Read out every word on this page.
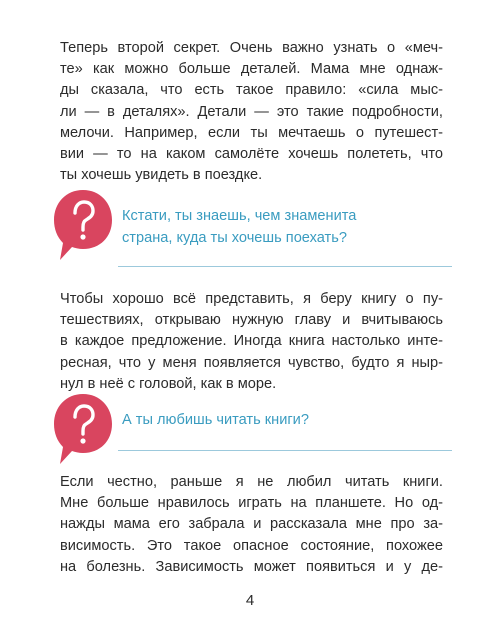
Теперь второй секрет. Очень важно узнать о «меч-
те» как можно больше деталей. Мама мне однаж-
ды сказала, что есть такое правило: «сила мыс-
ли — в деталях». Детали — это такие подробности,
мелочи. Например, если ты мечтаешь о путешест-
вии — то на каком самолёте хочешь полететь, что
ты хочешь увидеть в поездке.

Кстати, ты знаешь, чем знаменита
страна, куда ты хочешь поехать?

Чтобы хорошо всё представить, я беру книгу о пу-
тешествиях, открываю нужную главу и вчитываюсь
в каждое предложение. Иногда книга настолько инте-
ресная, что у меня появляется чувство, будто я ныр-
нул в неё с головой, как в море.

А ты любишь читать книги?

Если честно, раньше я не любил читать книги.
Мне больше нравилось играть на планшете. Но од-
нажды мама его забрала и рассказала мне про за-
висимость. Это такое опасное состояние, похожее
на болезнь. Зависимость может появиться и у де-
4
